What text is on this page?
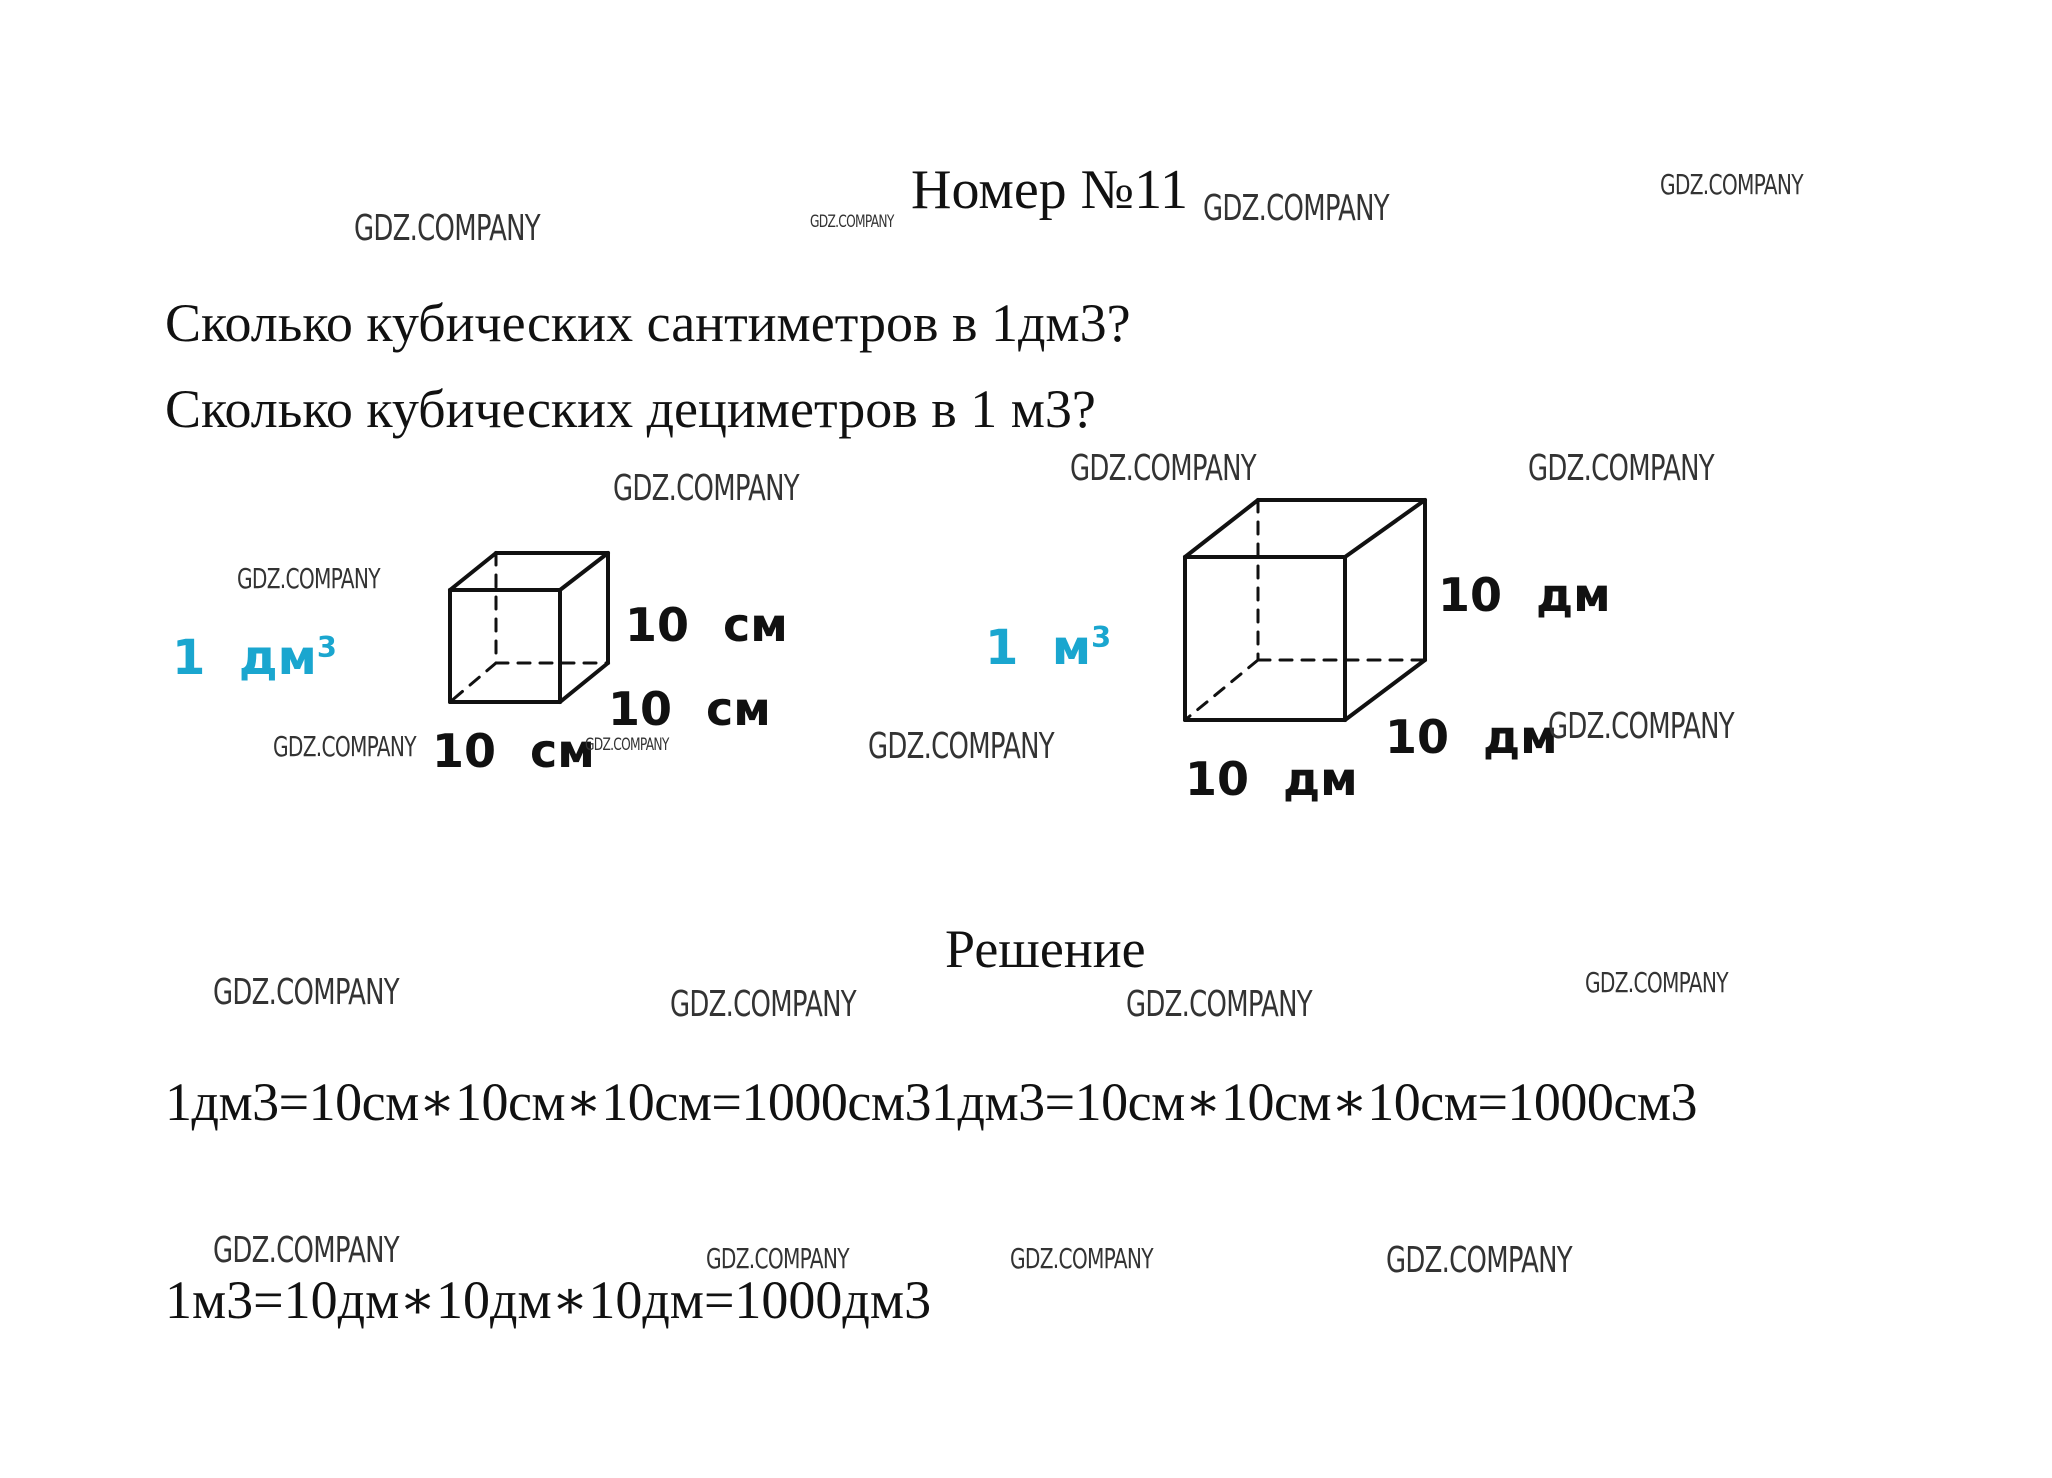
Номер №11
Сколько кубических сантиметров в 1дм3?
Сколько кубических дециметров в 1 м3?
1 $дм^3$	10 см
10 см
10 см
1 $м^3$
10 дм
10 дм
10 дм
Решение
1дм3=10см∗10см∗10см=1000см31дм3=10см∗10см∗10см=1000см3
1м3=10дм∗10дм∗10дм=1000дм3
GDZ.COMPANY	GDZ.COMPANY	GDZ.COMPANY
GDZ.COMPANY
GDZ.COMPANY	GDZ.COMPANY	GDZ.COMPANY
GDZ.COMPANY
GDZ.COMPANY	GDZ.COMPANY	GDZ.COMPANY	GDZ.COMPANY
GDZ.COMPANY	GDZ.COMPANY	GDZ.COMPANY
GDZ.COMPANY
GDZ.COMPANY	GDZ.COMPANY	GDZ.COMPANY	GDZ.COMPANY
